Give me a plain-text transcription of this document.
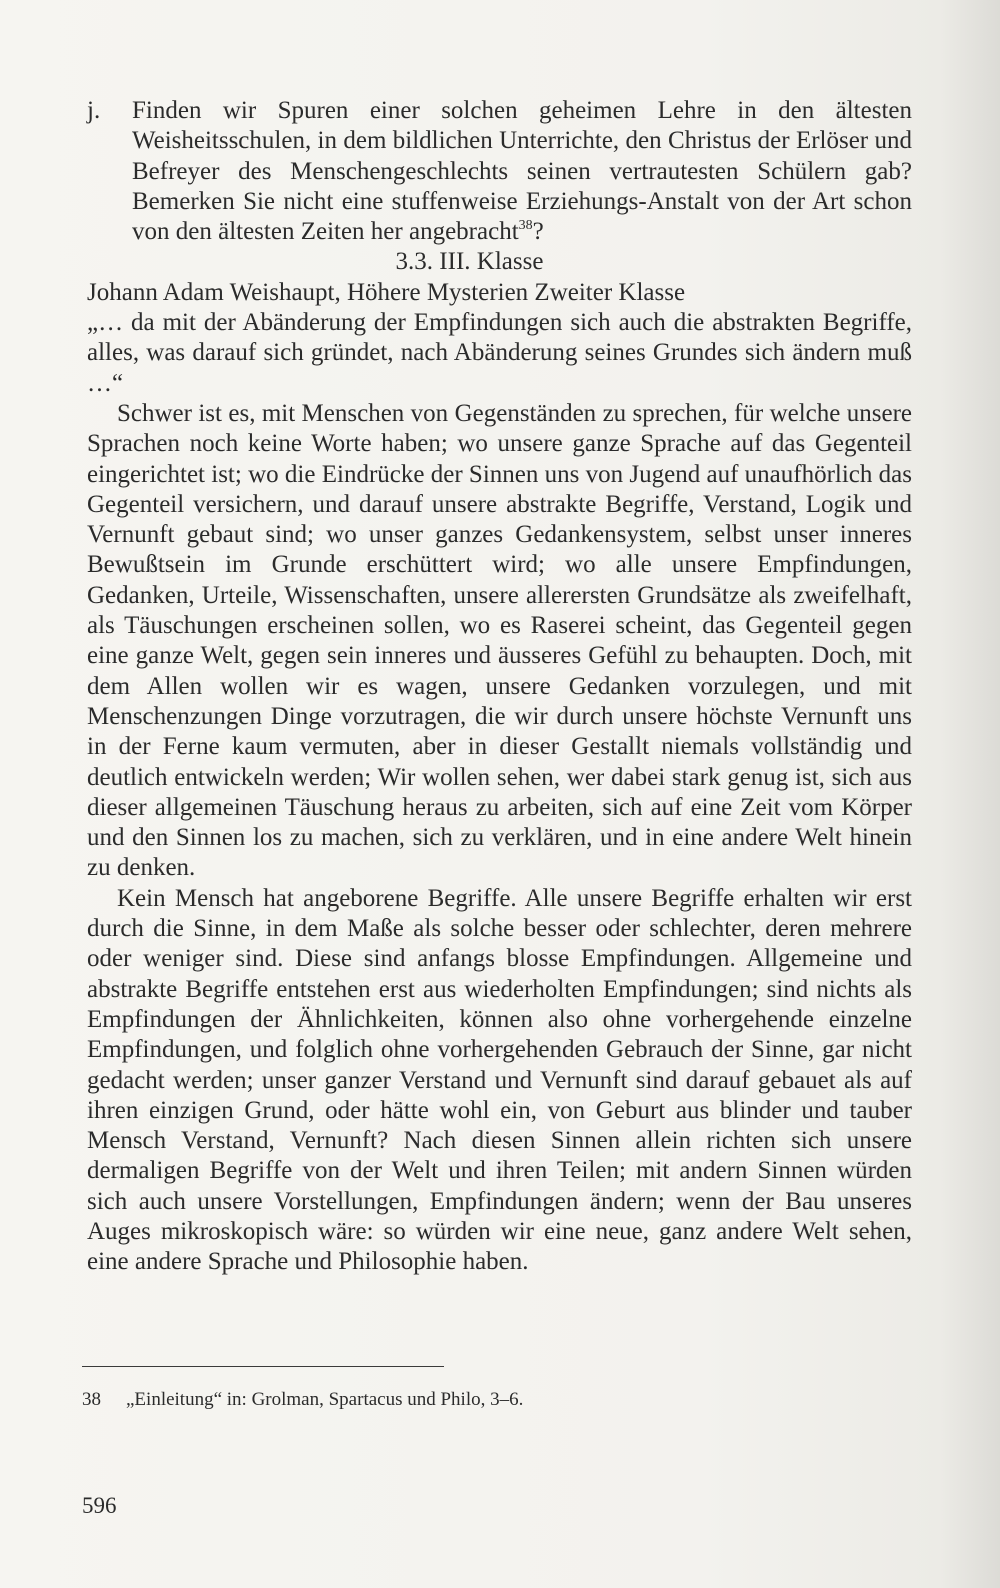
j.	Finden wir Spuren einer solchen geheimen Lehre in den ältesten Weisheitsschulen, in dem bildlichen Unterrichte, den Christus der Erlöser und Befreyer des Menschengeschlechts seinen vertrautesten Schülern gab? Bemerken Sie nicht eine stuffenweise Erziehungs-Anstalt von der Art schon von den ältesten Zeiten her angebracht$^{38}$?

3.3. III. Klasse

Johann Adam Weishaupt, Höhere Mysterien Zweiter Klasse

„… da mit der Abänderung der Empfindungen sich auch die abstrakten Begriffe, alles, was darauf sich gründet, nach Abänderung seines Grundes sich ändern muß …“

Schwer ist es, mit Menschen von Gegenständen zu sprechen, für welche unsere Sprachen noch keine Worte haben; wo unsere ganze Sprache auf das Gegenteil eingerichtet ist; wo die Eindrücke der Sinnen uns von Jugend auf unaufhörlich das Gegenteil versichern, und darauf unsere abstrakte Begriffe, Verstand, Logik und Vernunft gebaut sind; wo unser ganzes Gedankensystem, selbst unser inneres Bewußtsein im Grunde erschüttert wird; wo alle unsere Empfindungen, Gedanken, Urteile, Wissenschaften, unsere allerersten Grundsätze als zweifelhaft, als Täuschungen erscheinen sollen, wo es Raserei scheint, das Gegenteil gegen eine ganze Welt, gegen sein inneres und äusseres Gefühl zu behaupten. Doch, mit dem Allen wollen wir es wagen, unsere Gedanken vorzulegen, und mit Menschenzungen Dinge vorzutragen, die wir durch unsere höchste Vernunft uns in der Ferne kaum vermuten, aber in dieser Gestallt niemals vollständig und deutlich entwickeln werden; Wir wollen sehen, wer dabei stark genug ist, sich aus dieser allgemeinen Täuschung heraus zu arbeiten, sich auf eine Zeit vom Körper und den Sinnen los zu machen, sich zu verklären, und in eine andere Welt hinein zu denken.

Kein Mensch hat angeborene Begriffe. Alle unsere Begriffe erhalten wir erst durch die Sinne, in dem Maße als solche besser oder schlechter, deren mehrere oder weniger sind. Diese sind anfangs blosse Empfindungen. Allgemeine und abstrakte Begriffe entstehen erst aus wiederholten Empfindungen; sind nichts als Empfindungen der Ähnlichkeiten, können also ohne vorhergehende einzelne Empfindungen, und folglich ohne vorhergehenden Gebrauch der Sinne, gar nicht gedacht werden; unser ganzer Verstand und Vernunft sind darauf gebauet als auf ihren einzigen Grund, oder hätte wohl ein, von Geburt aus blinder und tauber Mensch Verstand, Vernunft? Nach diesen Sinnen allein richten sich unsere dermaligen Begriffe von der Welt und ihren Teilen; mit andern Sinnen würden sich auch unsere Vorstellungen, Empfindungen ändern; wenn der Bau unseres Auges mikroskopisch wäre: so würden wir eine neue, ganz andere Welt sehen, eine andere Sprache und Philosophie haben.

38 „Einleitung“ in: Grolman, Spartacus und Philo, 3–6.
596
